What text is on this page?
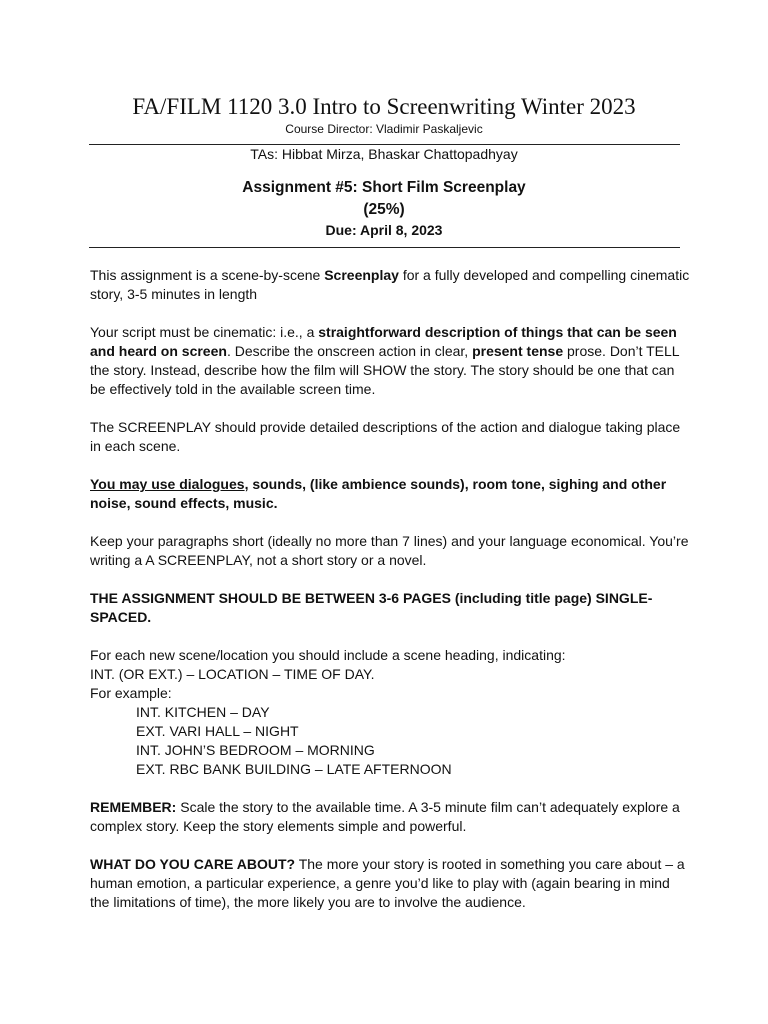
FA/FILM 1120 3.0 Intro to Screenwriting Winter 2023
Course Director: Vladimir Paskaljevic
TAs: Hibbat Mirza, Bhaskar Chattopadhyay
Assignment #5: Short Film Screenplay
(25%)
Due: April 8, 2023

This assignment is a scene-by-scene Screenplay for a fully developed and compelling cinematic story, 3-5 minutes in length

Your script must be cinematic: i.e., a straightforward description of things that can be seen and heard on screen. Describe the onscreen action in clear, present tense prose. Don’t TELL the story. Instead, describe how the film will SHOW the story. The story should be one that can be effectively told in the available screen time.

The SCREENPLAY should provide detailed descriptions of the action and dialogue taking place in each scene.

You may use dialogues, sounds, (like ambience sounds), room tone, sighing and other noise, sound effects, music.

Keep your paragraphs short (ideally no more than 7 lines) and your language economical. You’re writing a A SCREENPLAY, not a short story or a novel.

THE ASSIGNMENT SHOULD BE BETWEEN 3-6 PAGES (including title page) SINGLE-SPACED.

For each new scene/location you should include a scene heading, indicating:
INT. (OR EXT.) – LOCATION – TIME OF DAY.
For example:
INT. KITCHEN – DAY
EXT. VARI HALL – NIGHT
INT. JOHN’S BEDROOM – MORNING
EXT. RBC BANK BUILDING – LATE AFTERNOON

REMEMBER: Scale the story to the available time. A 3-5 minute film can’t adequately explore a complex story. Keep the story elements simple and powerful.

WHAT DO YOU CARE ABOUT? The more your story is rooted in something you care about – a human emotion, a particular experience, a genre you’d like to play with (again bearing in mind the limitations of time), the more likely you are to involve the audience.
